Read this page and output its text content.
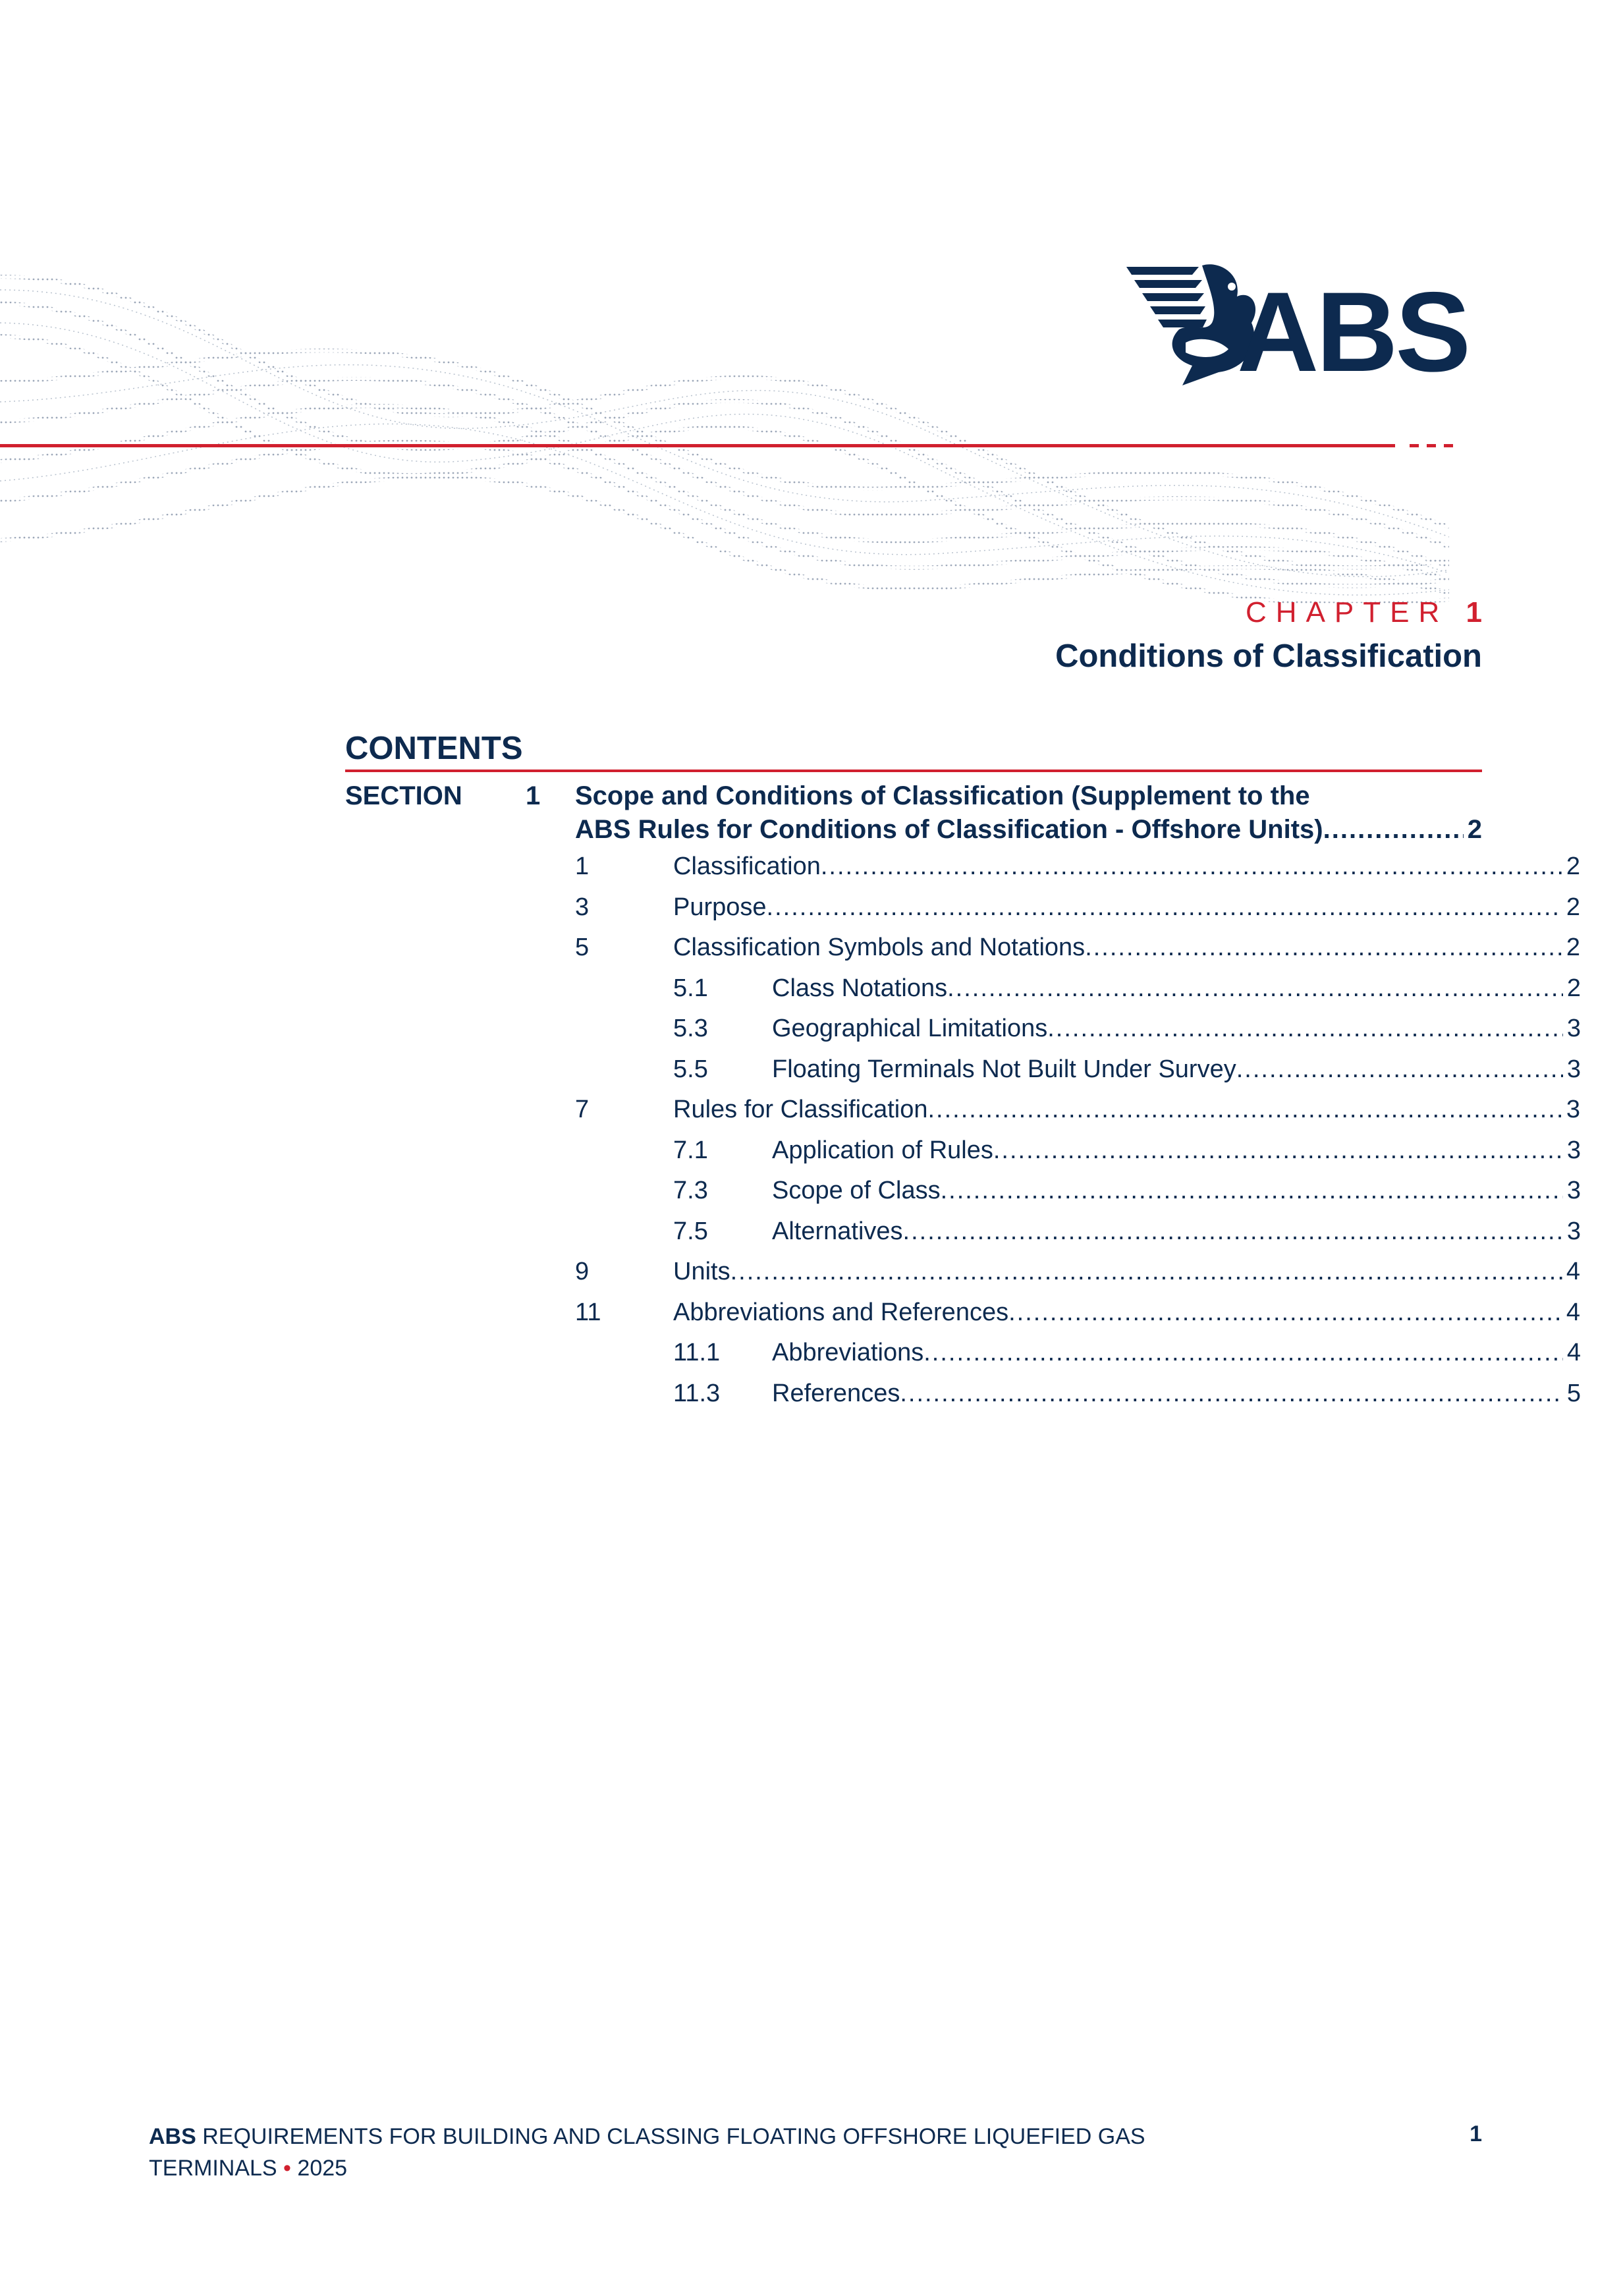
ABS
CHAPTER 1
Conditions of Classification
CONTENTS
SECTION 1 Scope and Conditions of Classification (Supplement to the
ABS Rules for Conditions of Classification - Offshore Units) .....	2
1	Classification .....	2
3	Purpose .....	2
5	Classification Symbols and Notations .....	2
5.1	Class Notations .....	2
5.3	Geographical Limitations .....	3
5.5	Floating Terminals Not Built Under Survey .....	3
7	Rules for Classification .....	3
7.1	Application of Rules .....	3
7.3	Scope of Class .....	3
7.5	Alternatives .....	3
9	Units .....	4
11	Abbreviations and References .....	4
11.1 Abbreviations .....	4
11.3 References .....	5
ABS REQUIREMENTS FOR BUILDING AND CLASSING FLOATING OFFSHORE LIQUEFIED GAS
TERMINALS • 2025
1
